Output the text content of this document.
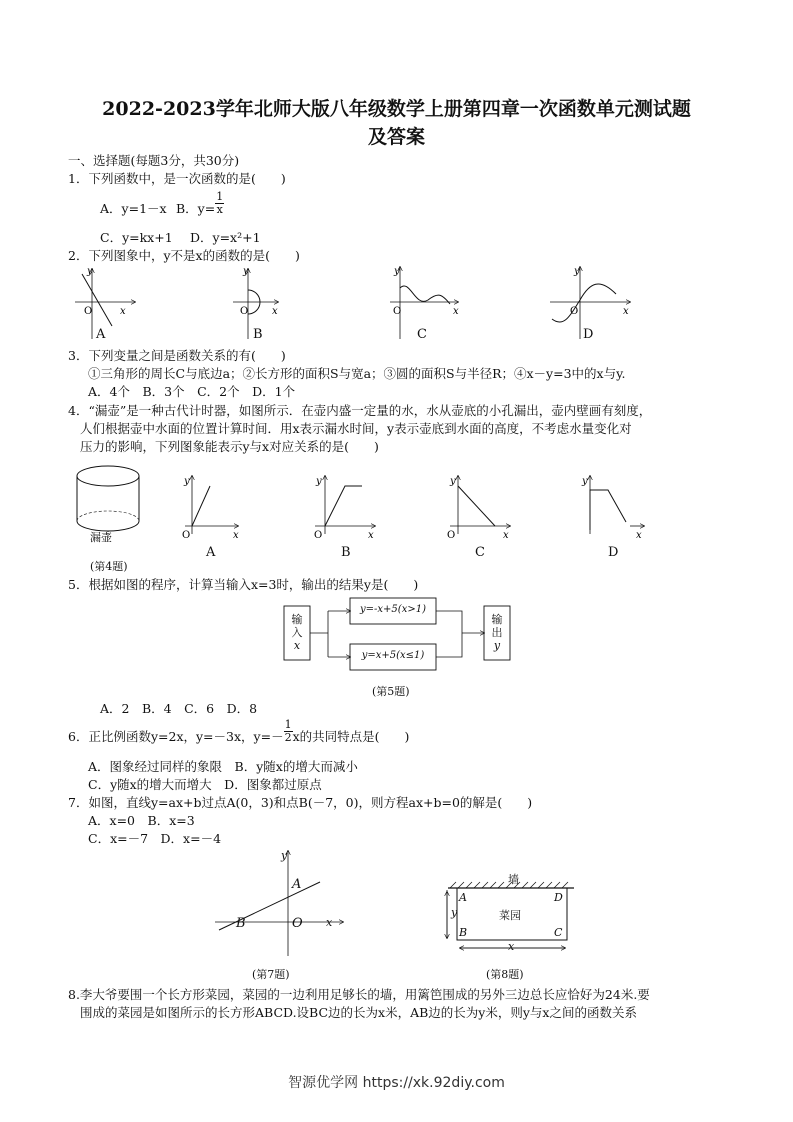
2022-2023学年北师大版八年级数学上册第四章一次函数单元测试题
及答案
一、选择题(每题3分，共30分)
1．下列函数中，是一次函数的是(　　)
A．y=1－x B．$y= \frac{1}{x}$
C．y=kx+1 D．y=x²+1
2．下列图象中，y不是x的函数的是(　　)
O
y
x	O
y
x	O
y
x	O
y
x
A	B	C	D
3．下列变量之间是函数关系的有(　　)
①三角形的周长C与底边a；②长方形的面积S与宽a；③圆的面积S与半径R；④x－y=3中的x与y.
A．4个　B．3个　C．2个　D．1个
4．“漏壶”是一种古代计时器，如图所示．在壶内盛一定量的水，水从壶底的小孔漏出，壶内壁画有刻度，
人们根据壶中水面的位置计算时间．用x表示漏水时间，y表示壶底到水面的高度，不考虑水量变化对
压力的影响，下列图象能表示y与x对应关系的是(　　)
O
y
x	O
y
x	O
y
x
y
x
漏壶
(第4题)
A	B	C	D
5．根据如图的程序，计算当输入x=3时，输出的结果y是(　　)
输
入
x
y=-x+5(x>1)
y=x+5(x≤1)
输
出
y
(第5题)
A．2　B．4　C．6　D．8
6．正比例函数y=2x，y=－3x，$y=- \frac{1}{2}$ x的共同特点是(　　)
A．图象经过同样的象限　B．y随x的增大而减小
C．y随x的增大而增大　D．图象都过原点
7．如图，直线y=ax+b过点A(0，3)和点B(－7，0)，则方程ax+b=0的解是(　　)
A．x=0　B．x=3
C．x=－7　D．x=－4
y
A
B	O x
(第7题)
墙
菜园
A	D
B	C
y
x
(第8题)
8.李大爷要围一个长方形菜园，菜园的一边利用足够长的墙，用篱笆围成的另外三边总长应恰好为24米.要
围成的菜园是如图所示的长方形ABCD.设BC边的长为x米，AB边的长为y米，则y与x之间的函数关系
智源优学网 https://xk.92diy.com
